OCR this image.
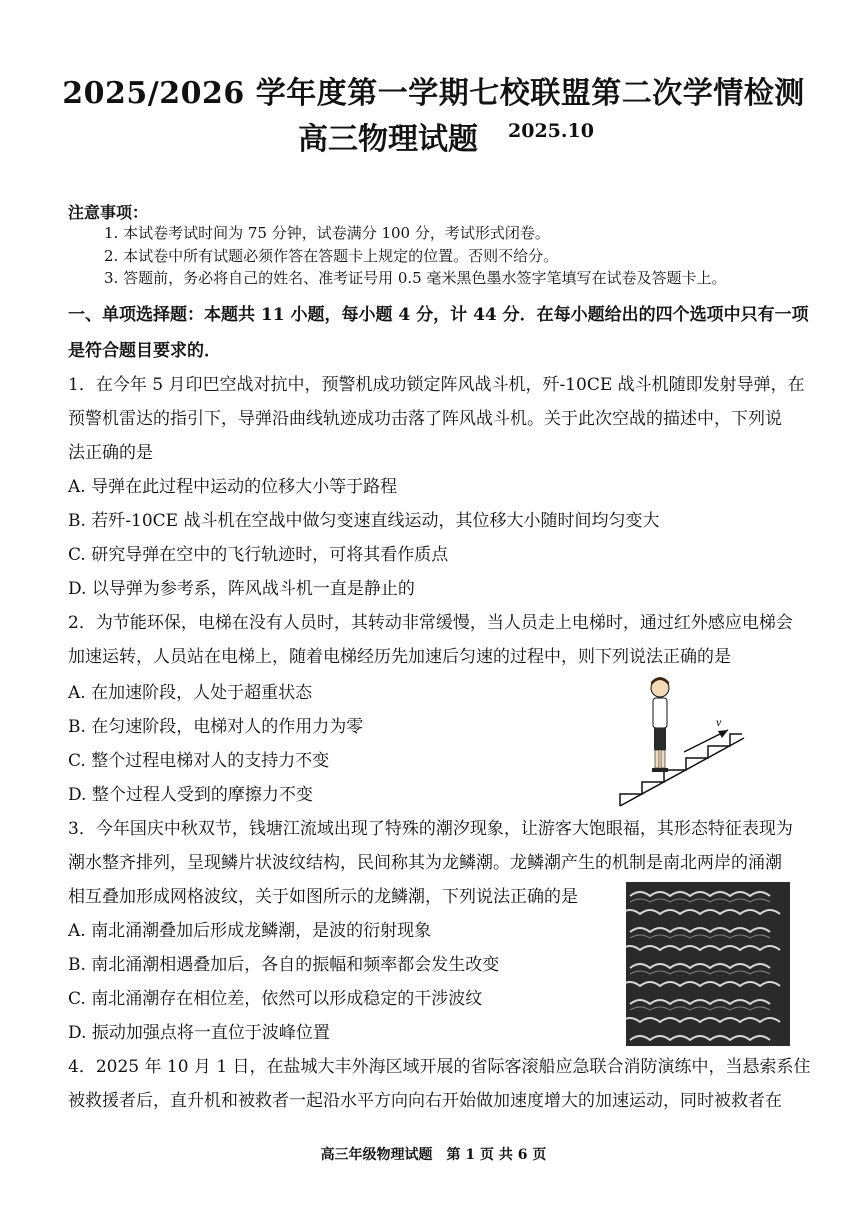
2025/2026 学年度第一学期七校联盟第二次学情检测
高三物理试题 2025.10
注意事项：
1. 本试卷考试时间为 75 分钟，试卷满分 100 分，考试形式闭卷。
2. 本试卷中所有试题必须作答在答题卡上规定的位置。否则不给分。
3. 答题前，务必将自己的姓名、准考证号用 0.5 毫米黑色墨水签字笔填写在试卷及答题卡上。
一、单项选择题：本题共 11 小题，每小题 4 分，计 44 分．在每小题给出的四个选项中只有一项
是符合题目要求的．
1．在今年 5 月印巴空战对抗中，预警机成功锁定阵风战斗机，歼-10CE 战斗机随即发射导弹，在
预警机雷达的指引下，导弹沿曲线轨迹成功击落了阵风战斗机。关于此次空战的描述中，下列说
法正确的是
A. 导弹在此过程中运动的位移大小等于路程
B. 若歼-10CE 战斗机在空战中做匀变速直线运动，其位移大小随时间均匀变大
C. 研究导弹在空中的飞行轨迹时，可将其看作质点
D. 以导弹为参考系，阵风战斗机一直是静止的
2．为节能环保，电梯在没有人员时，其转动非常缓慢，当人员走上电梯时，通过红外感应电梯会
加速运转，人员站在电梯上，随着电梯经历先加速后匀速的过程中，则下列说法正确的是
A. 在加速阶段，人处于超重状态
B. 在匀速阶段，电梯对人的作用力为零
C. 整个过程电梯对人的支持力不变
D. 整个过程人受到的摩擦力不变
v
3．今年国庆中秋双节，钱塘江流域出现了特殊的潮汐现象，让游客大饱眼福，其形态特征表现为
潮水整齐排列，呈现鳞片状波纹结构，民间称其为龙鳞潮。龙鳞潮产生的机制是南北两岸的涌潮
相互叠加形成网格波纹，关于如图所示的龙鳞潮，下列说法正确的是
A. 南北涌潮叠加后形成龙鳞潮，是波的衍射现象
B. 南北涌潮相遇叠加后，各自的振幅和频率都会发生改变
C. 南北涌潮存在相位差，依然可以形成稳定的干涉波纹
D. 振动加强点将一直位于波峰位置
4．2025 年 10 月 1 日，在盐城大丰外海区域开展的省际客滚船应急联合消防演练中，当悬索系住
被救援者后，直升机和被救者一起沿水平方向向右开始做加速度增大的加速运动，同时被救者在
高三年级物理试题　第 1 页 共 6 页
